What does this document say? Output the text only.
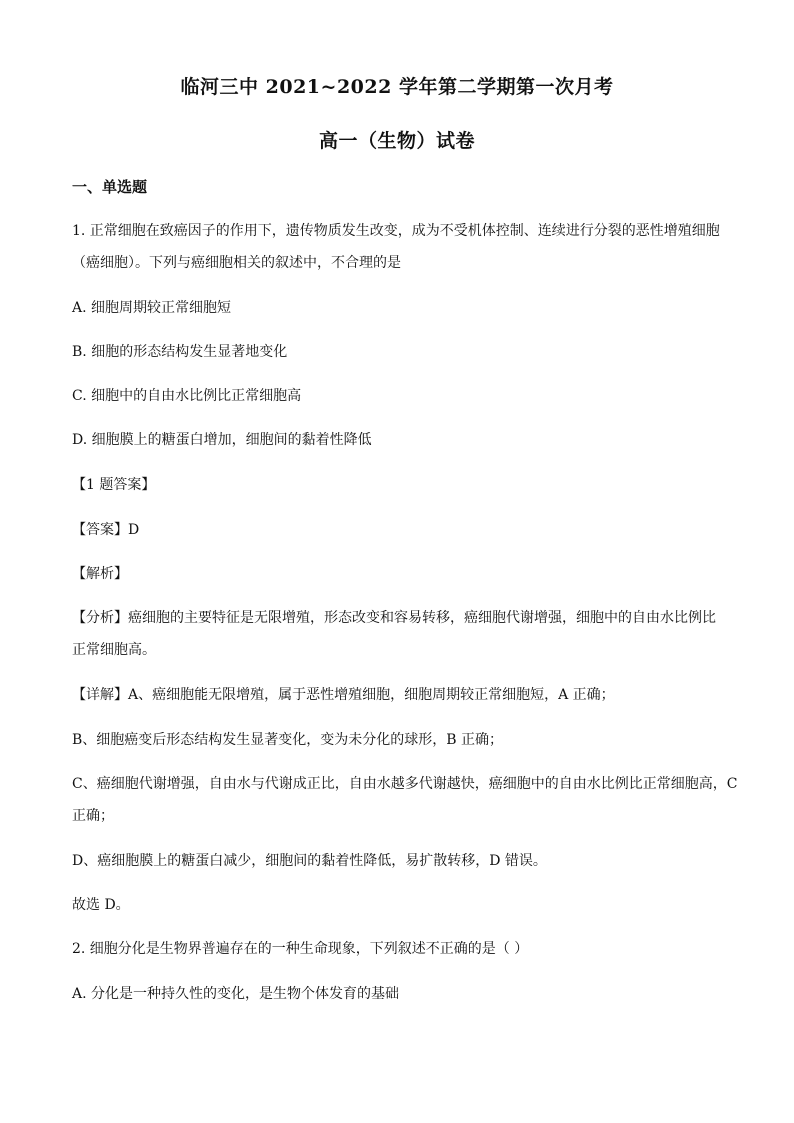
临河三中 2021~2022 学年第二学期第一次月考
高一（生物）试卷
一、单选题
1. 正常细胞在致癌因子的作用下，遗传物质发生改变，成为不受机体控制、连续进行分裂的恶性增殖细胞
（癌细胞）。下列与癌细胞相关的叙述中，不合理的是
A. 细胞周期较正常细胞短
B. 细胞的形态结构发生显著地变化
C. 细胞中的自由水比例比正常细胞高
D. 细胞膜上的糖蛋白增加，细胞间的黏着性降低
【1 题答案】
【答案】D
【解析】
【分析】癌细胞的主要特征是无限增殖，形态改变和容易转移，癌细胞代谢增强，细胞中的自由水比例比
正常细胞高。
【详解】A、癌细胞能无限增殖，属于恶性增殖细胞，细胞周期较正常细胞短，A 正确；
B、细胞癌变后形态结构发生显著变化，变为未分化的球形，B 正确；
C、癌细胞代谢增强，自由水与代谢成正比，自由水越多代谢越快，癌细胞中的自由水比例比正常细胞高，C
正确；
D、癌细胞膜上的糖蛋白减少，细胞间的黏着性降低，易扩散转移，D 错误。
故选 D。
2. 细胞分化是生物界普遍存在的一种生命现象，下列叙述不正确的是（ ）
A. 分化是一种持久性的变化，是生物个体发育的基础
